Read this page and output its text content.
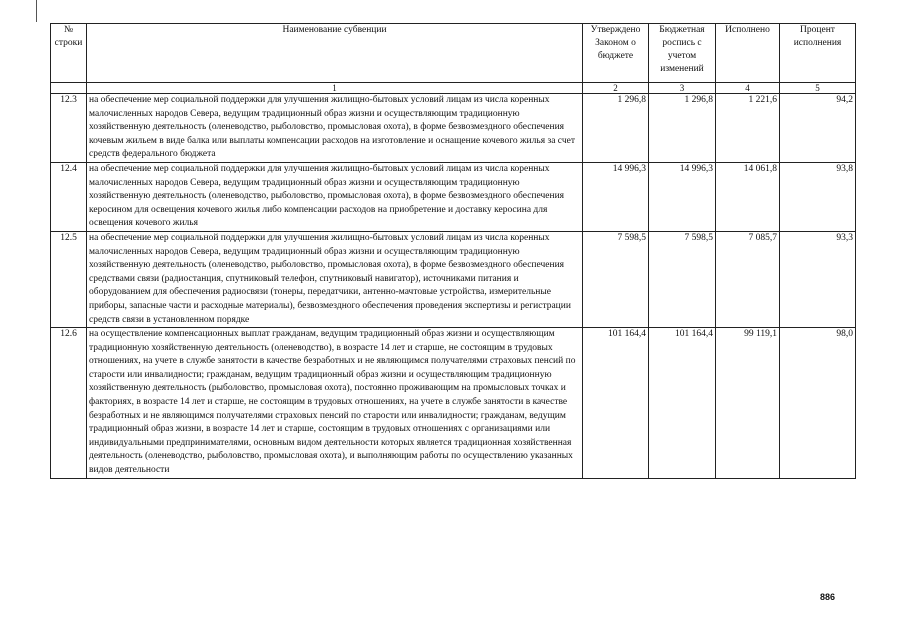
№ строки	Наименование субвенции	Утверждено Законом о бюджете	Бюджетная роспись с учетом изменений	Исполнено	Процент исполнения
	1	2	3	4	5
12.3	на обеспечение мер социальной поддержки для улучшения жилищно-бытовых условий лицам из числа коренных малочисленных народов Севера, ведущим традиционный образ жизни и осуществляющим традиционную хозяйственную деятельность (оленеводство, рыболовство, промысловая охота), в форме безвозмездного обеспечения кочевым жильем в виде балка или выплаты компенсации расходов на изготовление и оснащение кочевого жилья за счет средств федерального бюджета	1 296,8	1 296,8	1 221,6	94,2
12.4	на обеспечение мер социальной поддержки для улучшения жилищно-бытовых условий лицам из числа коренных малочисленных народов Севера, ведущим традиционный образ жизни и осуществляющим традиционную хозяйственную деятельность (оленеводство, рыболовство, промысловая охота), в форме безвозмездного обеспечения керосином для освещения кочевого жилья либо компенсации расходов на приобретение и доставку керосина для освещения кочевого жилья	14 996,3	14 996,3	14 061,8	93,8
12.5	на обеспечение мер социальной поддержки для улучшения жилищно-бытовых условий лицам из числа коренных малочисленных народов Севера, ведущим традиционный образ жизни и осуществляющим традиционную хозяйственную деятельность (оленеводство, рыболовство, промысловая охота), в форме безвозмездного обеспечения средствами связи (радиостанция, спутниковый телефон, спутниковый навигатор), источниками питания и оборудованием для обеспечения радиосвязи (тонеры, передатчики, антенно-мачтовые устройства, измерительные приборы, запасные части и расходные материалы), безвозмездного обеспечения проведения экспертизы и регистрации средств связи в установленном порядке	7 598,5	7 598,5	7 085,7	93,3
12.6	на осуществление компенсационных выплат гражданам, ведущим традиционный образ жизни и осуществляющим традиционную хозяйственную деятельность (оленеводство), в возрасте 14 лет и старше, не состоящим в трудовых отношениях, на учете в службе занятости в качестве безработных и не являющимся получателями страховых пенсий по старости или инвалидности; гражданам, ведущим традиционный образ жизни и осуществляющим традиционную хозяйственную деятельность (рыболовство, промысловая охота), постоянно проживающим на промысловых точках и факториях, в возрасте 14 лет и старше, не состоящим в трудовых отношениях, на учете в службе занятости в качестве безработных и не являющимся получателями страховых пенсий по старости или инвалидности; гражданам, ведущим традиционный образ жизни, в возрасте 14 лет и старше, состоящим в трудовых отношениях с организациями или индивидуальными предпринимателями, основным видом деятельности которых является традиционная хозяйственная деятельность (оленеводство, рыболовство, промысловая охота), и выполняющим работы по осуществлению указанных видов деятельности	101 164,4	101 164,4	99 119,1	98,0
886
